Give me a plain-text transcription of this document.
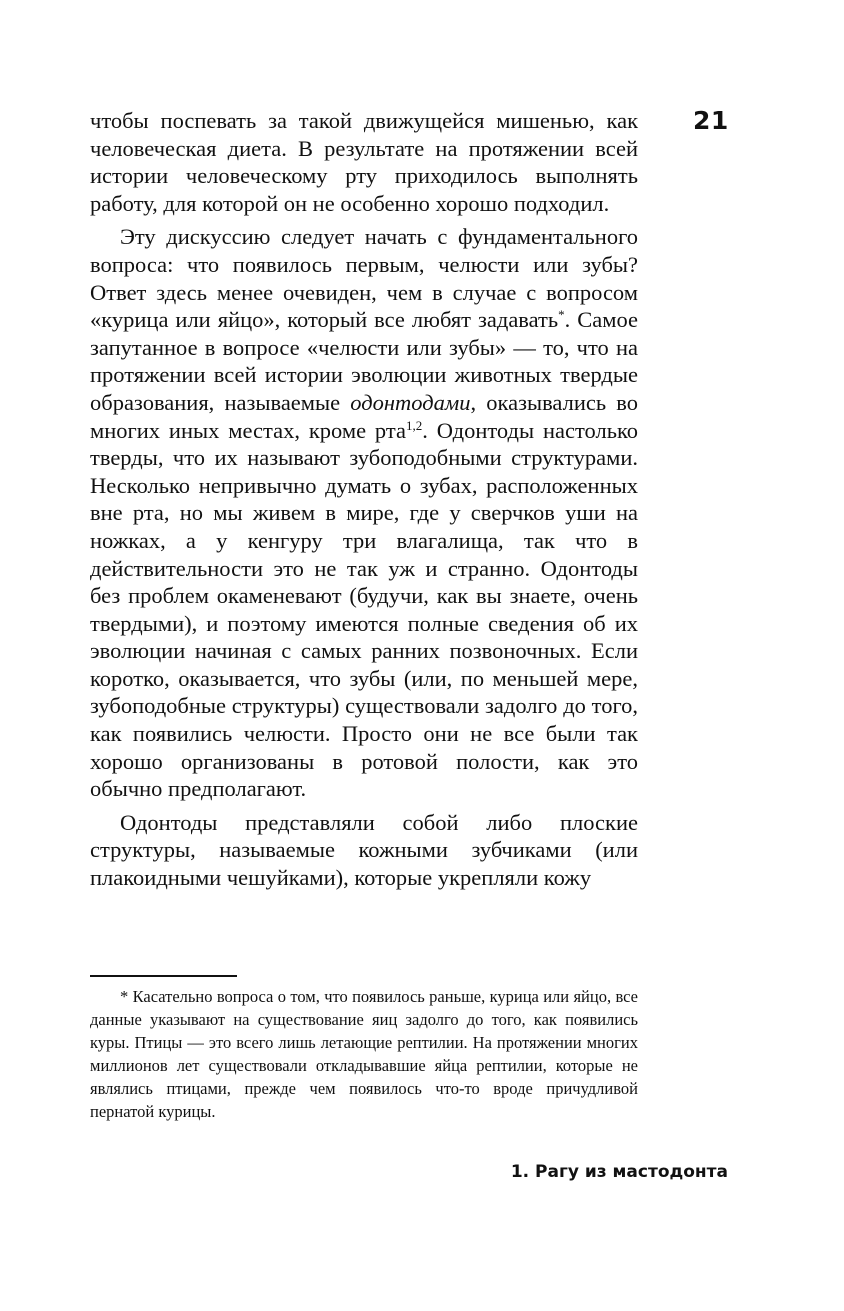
21

чтобы поспевать за такой движущейся мишенью, как человеческая диета. В результате на протяжении всей истории человеческому рту приходилось выполнять работу, для которой он не особенно хорошо подходил.

Эту дискуссию следует начать с фундаментального вопроса: что появилось первым, челюсти или зубы? Ответ здесь менее очевиден, чем в случае с вопросом «курица или яйцо», который все любят задавать*. Самое запутанное в вопросе «челюсти или зубы» — то, что на протяжении всей истории эволюции животных твердые образования, называемые одонтодами, оказывались во многих иных местах, кроме рта$^{1,2}$. Одонтоды настолько тверды, что их называют зубоподобными структурами. Несколько непривычно думать о зубах, расположенных вне рта, но мы живем в мире, где у сверчков уши на ножках, а у кенгуру три влагалища, так что в действительности это не так уж и странно. Одонтоды без проблем окаменевают (будучи, как вы знаете, очень твердыми), и поэтому имеются полные сведения об их эволюции начиная с самых ранних позвоночных. Если коротко, оказывается, что зубы (или, по меньшей мере, зубоподобные структуры) существовали задолго до того, как появились челюсти. Просто они не все были так хорошо организованы в ротовой полости, как это обычно предполагают.

Одонтоды представляли собой либо плоские структуры, называемые кожными зубчиками (или плакоидными чешуйками), которые укрепляли кожу

* Касательно вопроса о том, что появилось раньше, курица или яйцо, все данные указывают на существование яиц задолго до того, как появились куры. Птицы — это всего лишь летающие рептилии. На протяжении многих миллионов лет существовали откладывавшие яйца рептилии, которые не являлись птицами, прежде чем появилось что-то вроде причудливой пернатой курицы.
1. Рагу из мастодонта
